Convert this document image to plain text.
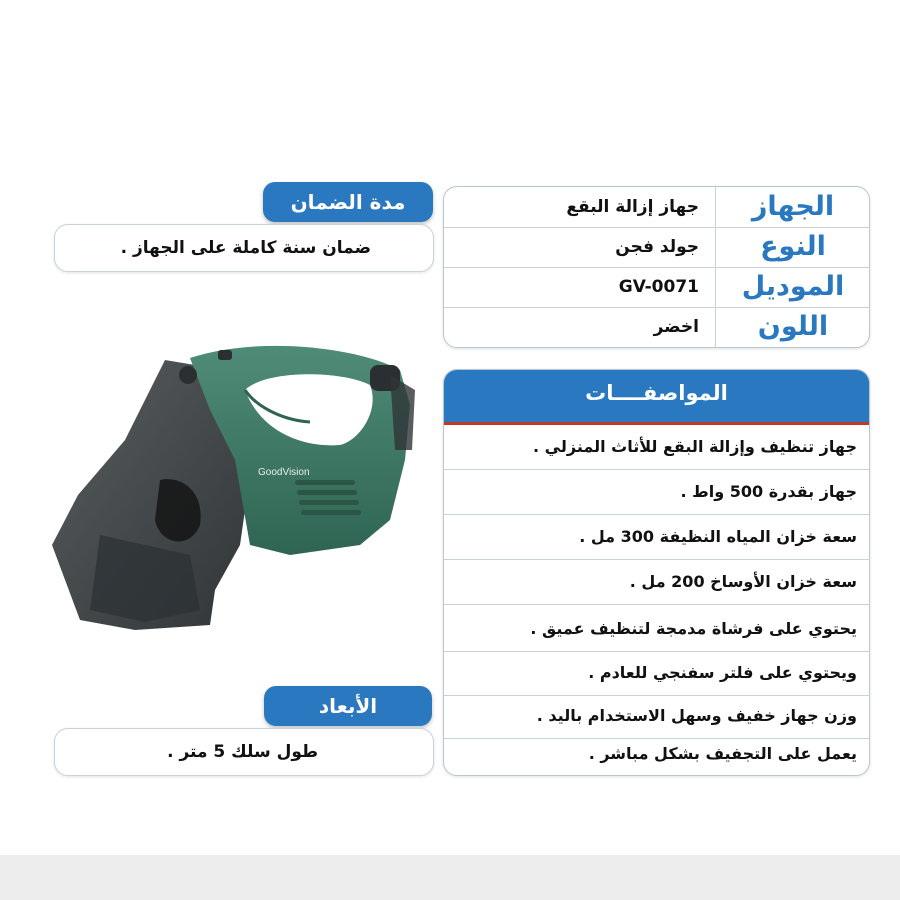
مدة الضمان
ضمان سنة كاملة على الجهاز .
الجهاز
جهاز إزالة البقع
النوع
جولد فجن
الموديل
GV-0071
اللون
اخضر
المواصفــــات
جهاز تنظيف وإزالة البقع للأثاث المنزلي .
جهاز بقدرة 500 واط .
سعة خزان المياه النظيفة 300 مل .
سعة خزان الأوساخ 200 مل .
يحتوي على فرشاة مدمجة لتنظيف عميق .
ويحتوي على فلتر سفنجي للعادم .
وزن جهاز خفيف وسهل الاستخدام باليد .
يعمل على التجفيف بشكل مباشر .
الأبعاد
طول سلك 5 متر .
GoodVision
